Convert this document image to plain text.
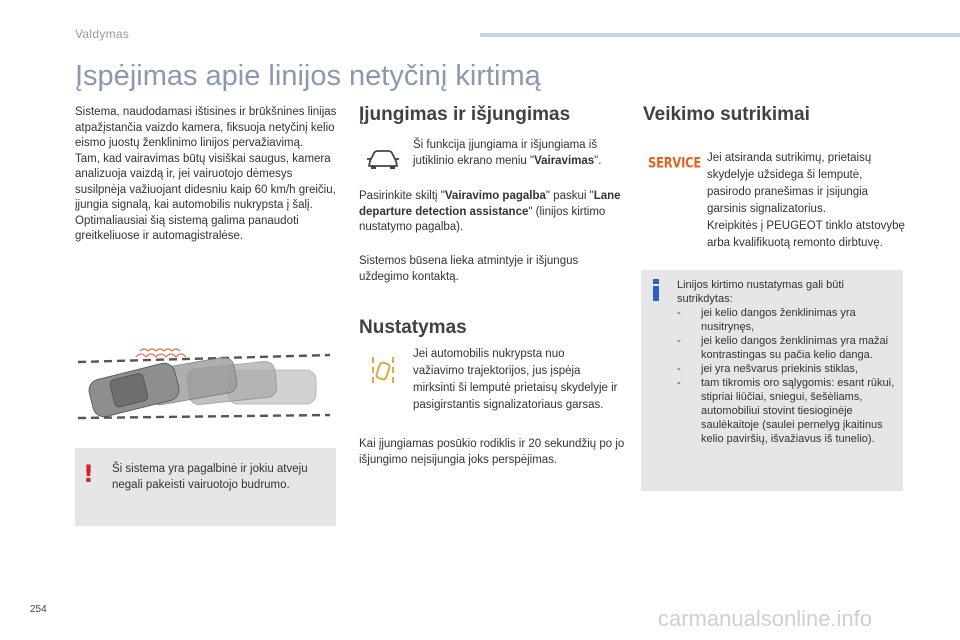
Valdymas
Įspėjimas apie linijos netyčinį kirtimą

Sistema, naudodamasi ištisines ir brūkšnines linijas atpažįstančia vaizdo kamera, fiksuoja netyčinį kelio eismo juostų ženklinimo linijos pervažiavimą.
Tam, kad vairavimas būtų visiškai saugus, kamera analizuoja vaizdą ir, jei vairuotojo dėmesys susilpnėja važiuojant didesniu kaip 60 km/h greičiu, įjungia signalą, kai automobilis nukrypsta į šalį.
Optimaliausiai šią sistemą galima panaudoti greitkeliuose ir automagistralėse.

! Ši sistema yra pagalbinė ir jokiu atveju negali pakeisti vairuotojo budrumo.

Įjungimas ir išjungimas

Ši funkcija įjungiama ir išjungiama iš jutiklinio ekrano meniu "Vairavimas".

Pasirinkite skiltį "Vairavimo pagalba" paskui "Lane departure detection assistance" (linijos kirtimo nustatymo pagalba).

Sistemos būsena lieka atmintyje ir išjungus uždegimo kontaktą.

Nustatymas

Jei automobilis nukrypsta nuo važiavimo trajektorijos, jus įspėja mirksinti ši lemputė prietaisų skydelyje ir pasigirstantis signalizatoriaus garsas.

Kai įjungiamas posūkio rodiklis ir 20 sekundžių po jo išjungimo neįsijungia joks perspėjimas.

Veikimo sutrikimai
SERVICE Jei atsiranda sutrikimų, prietaisų skydelyje užsidega ši lemputė, pasirodo pranešimas ir įsijungia garsinis signalizatorius.
Kreipkitės į PEUGEOT tinklo atstovybę arba kvalifikuotą remonto dirbtuvę.

Linijos kirtimo nustatymas gali būti sutrikdytas:

- jei kelio dangos ženklinimas yra nusitrynęs,
- jei kelio dangos ženklinimas yra mažai kontrastingas su pačia kelio danga.
- jei yra nešvarus priekinis stiklas,
- tam tikromis oro sąlygomis: esant rūkui, stipriai liūčiai, sniegui, šešėliams, automobiliui stovint tiesioginėje saulėkaitoje (saulei pernelyg įkaitinus kelio paviršių, išvažiavus iš tunelio).
254	carmanualsonline.info
